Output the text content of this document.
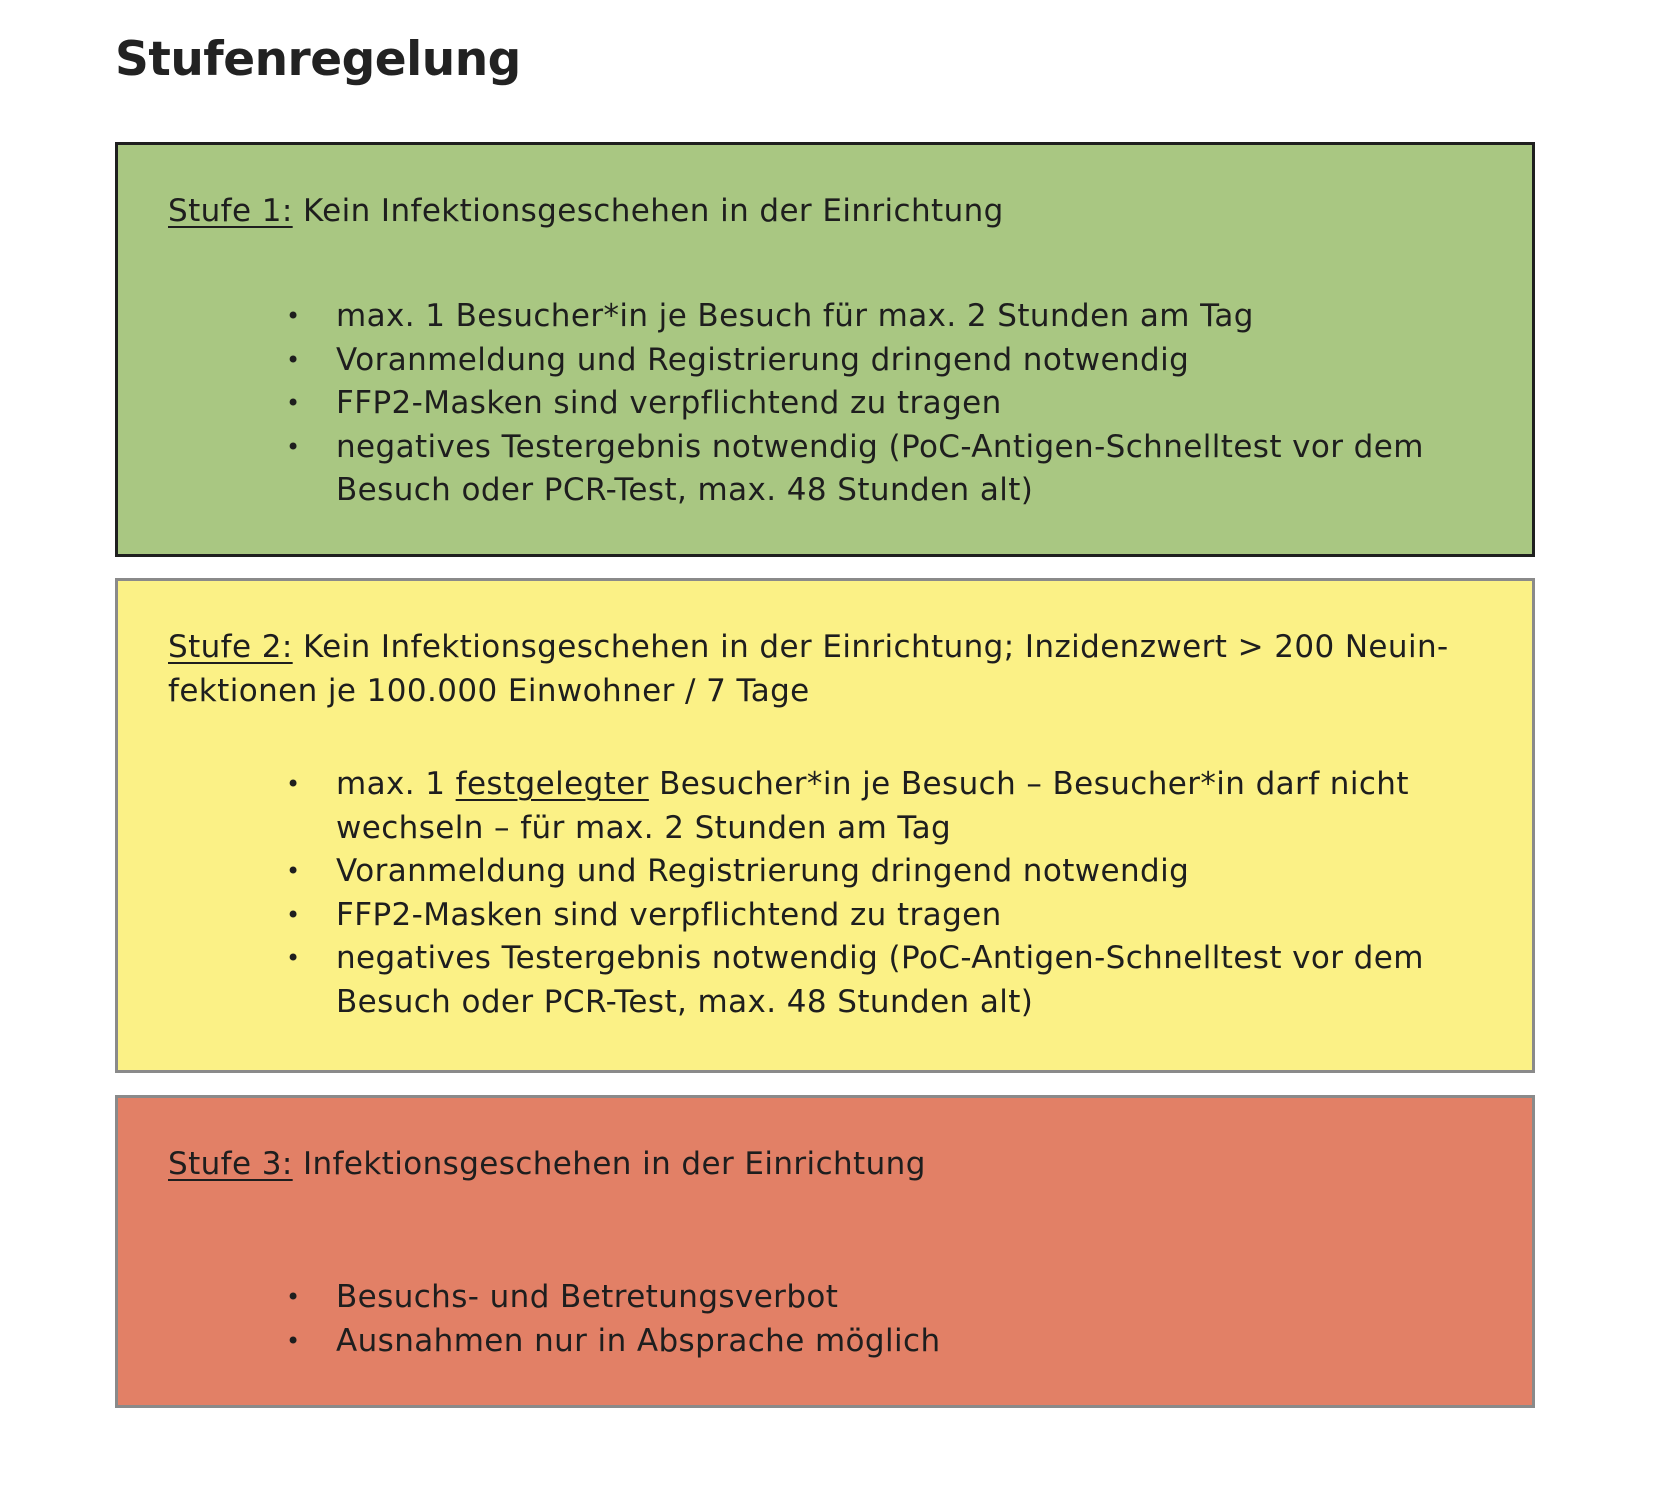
Stufenregelung

Stufe 1: Kein Infektionsgeschehen in der Einrichtung

• max. 1 Besucher*in je Besuch für max. 2 Stunden am Tag
• Voranmeldung und Registrierung dringend notwendig
• FFP2-Masken sind verpflichtend zu tragen
• negatives Testergebnis notwendig (PoC-Antigen-Schnelltest vor dem Besuch oder PCR-Test, max. 48 Stunden alt)

Stufe 2: Kein Infektionsgeschehen in der Einrichtung; Inzidenzwert > 200 Neuin-fektionen je 100.000 Einwohner / 7 Tage

• max. 1 festgelegter Besucher*in je Besuch – Besucher*in darf nicht wechseln – für max. 2 Stunden am Tag
• Voranmeldung und Registrierung dringend notwendig
• FFP2-Masken sind verpflichtend zu tragen
• negatives Testergebnis notwendig (PoC-Antigen-Schnelltest vor dem Besuch oder PCR-Test, max. 48 Stunden alt)

Stufe 3: Infektionsgeschehen in der Einrichtung

• Besuchs- und Betretungsverbot
• Ausnahmen nur in Absprache möglich
